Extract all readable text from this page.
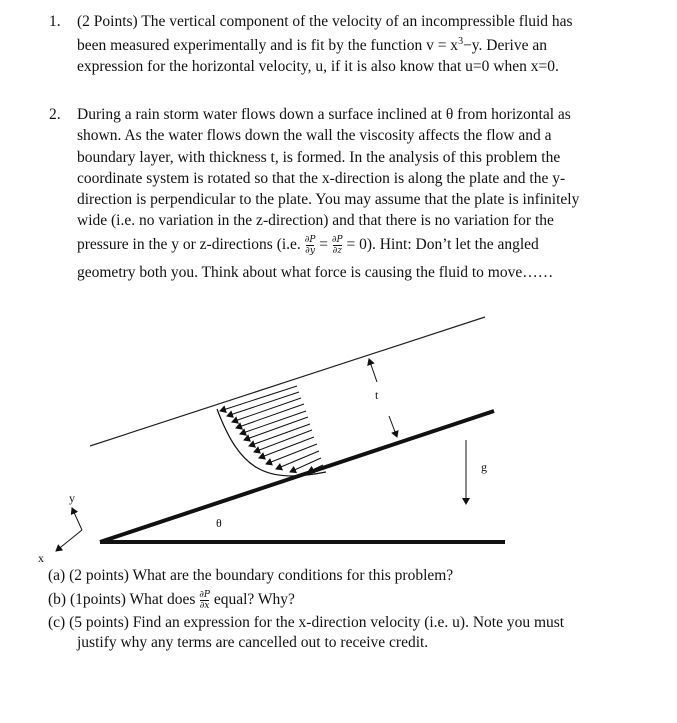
1. (2 Points) The vertical component of the velocity of an incompressible fluid has
been measured experimentally and is fit by the function $v = x^3-y$. Derive an
expression for the horizontal velocity, u, if it is also know that u=0 when x=0.
2. During a rain storm water flows down a surface inclined at θ from horizontal as
shown. As the water flows down the wall the viscosity affects the flow and a
boundary layer, with thickness t, is formed. In the analysis of this problem the
coordinate system is rotated so that the x-direction is along the plate and the y-
direction is perpendicular to the plate. You may assume that the plate is infinitely
wide (i.e. no variation in the z-direction) and that there is no variation for the
pressure in the y or z-directions (i.e. $\frac{\partial P}{\partial y} = \frac{\partial P}{\partial z} = 0$). Hint: Don’t let the angled
geometry both you. Think about what force is causing the fluid to move……
t
g
θ
y
x
(a) (2 points) What are the boundary conditions for this problem?
(b) (1points) What does $\frac{\partial P}{\partial x}$ equal? Why?
(c) (5 points) Find an expression for the x-direction velocity (i.e. u). Note you must
justify why any terms are cancelled out to receive credit.
